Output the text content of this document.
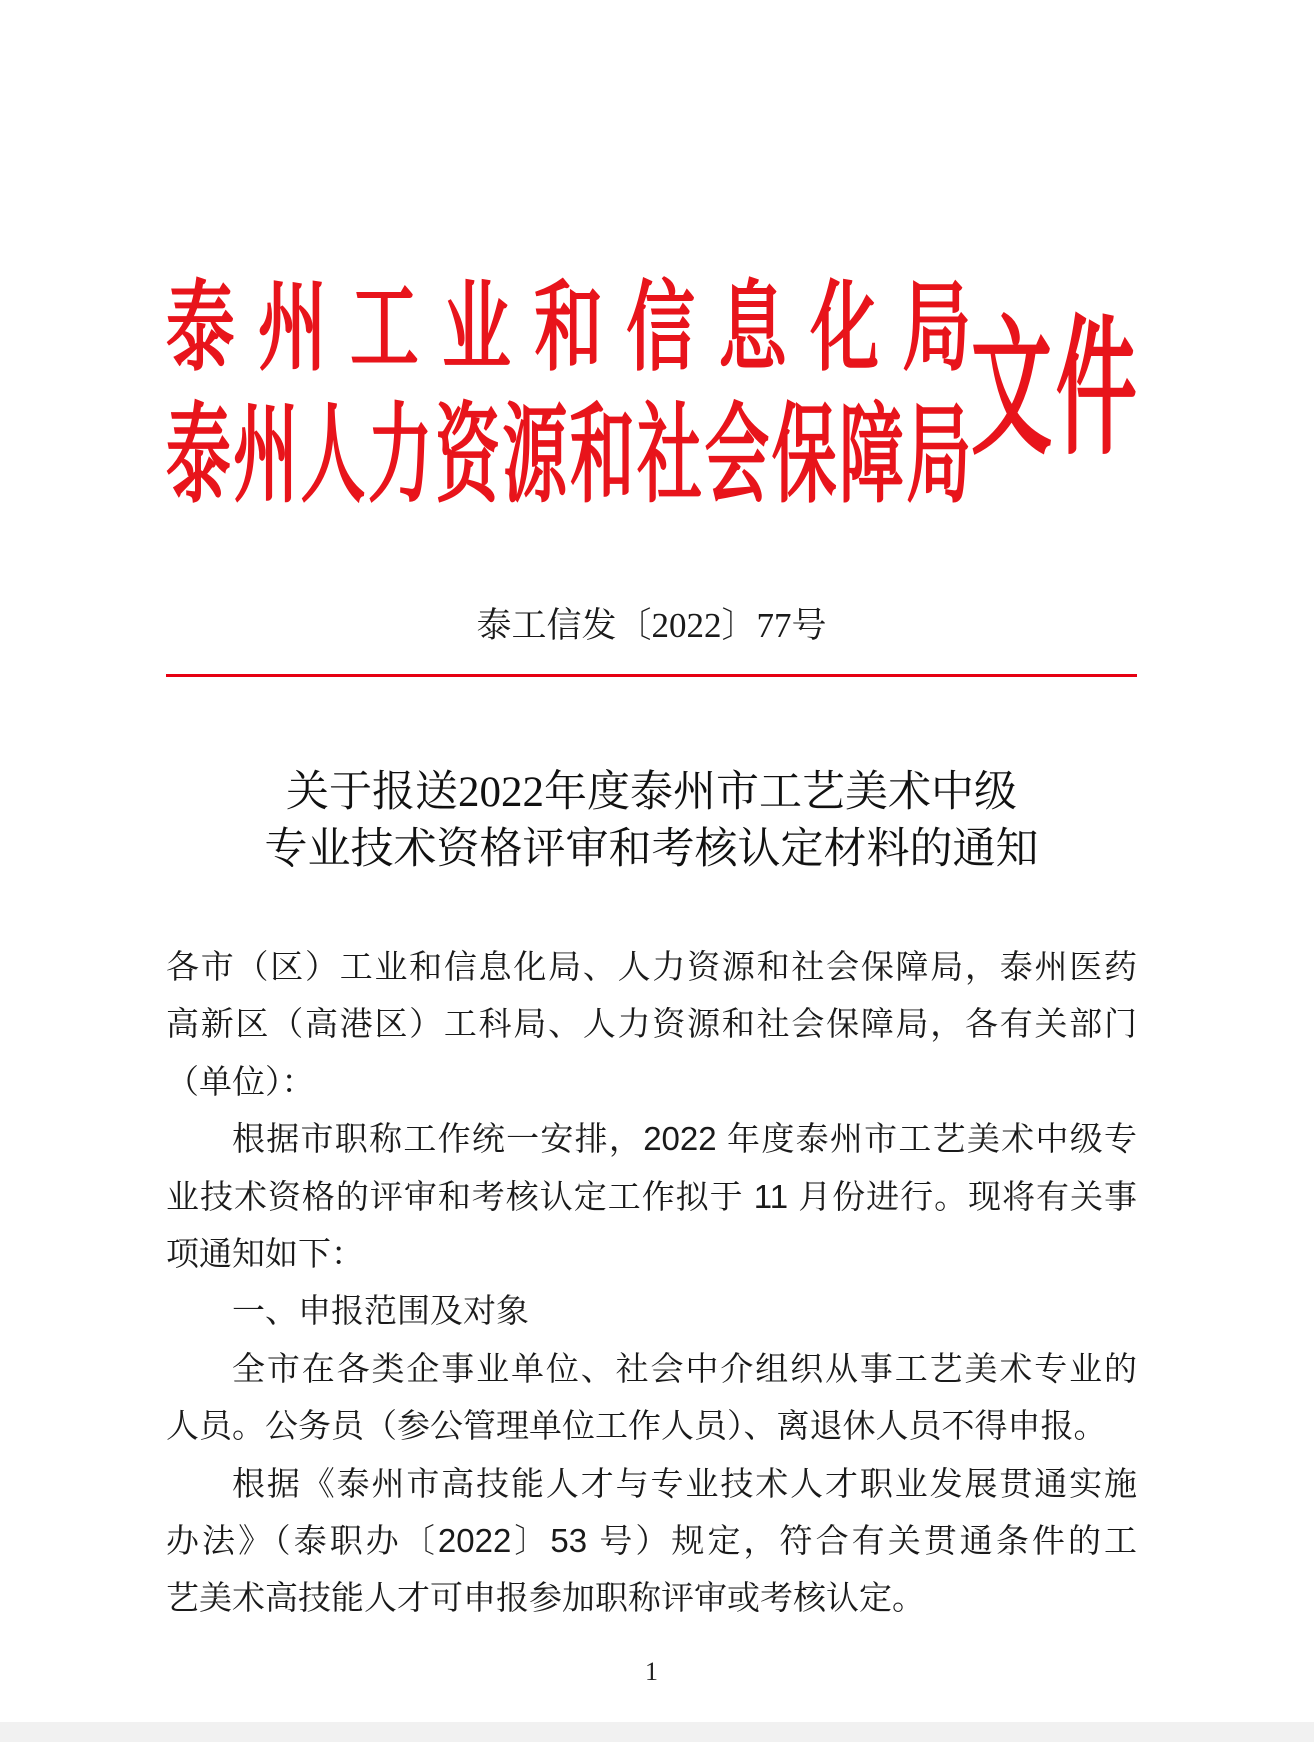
泰州工业和信息化局
泰州人力资源和社会保障局 文件
泰工信发〔2022〕77号
关于报送2022年度泰州市工艺美术中级
专业技术资格评审和考核认定材料的通知
各市（区）工业和信息化局、人力资源和社会保障局，泰州医药
高新区（高港区）工科局、人力资源和社会保障局，各有关部门
（单位）：
根据市职称工作统一安排，2022 年度泰州市工艺美术中级专
业技术资格的评审和考核认定工作拟于 11 月份进行。现将有关事
项通知如下：
一、申报范围及对象
全市在各类企事业单位、社会中介组织从事工艺美术专业的
人员。公务员（参公管理单位工作人员）、离退休人员不得申报。
根据《泰州市高技能人才与专业技术人才职业发展贯通实施
办法》（泰职办〔2022〕53 号）规定，符合有关贯通条件的工
艺美术高技能人才可申报参加职称评审或考核认定。
1
